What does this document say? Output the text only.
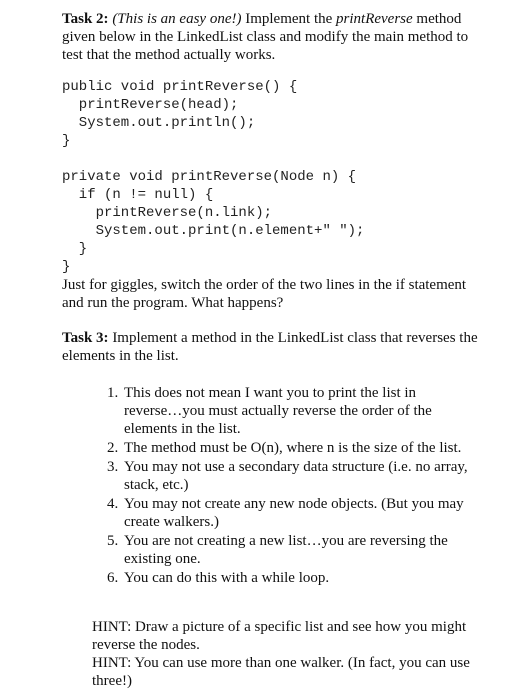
Task 2: (This is an easy one!) Implement the printReverse method given below in the LinkedList class and modify the main method to test that the method actually works.
public void printReverse() {
printReverse(head);
System.out.println();
}
private void printReverse(Node n) {
if (n != null) {
printReverse(n.link);
System.out.print(n.element+" ");
}
}
Just for giggles, switch the order of the two lines in the if statement and run the program. What happens?
Task 3: Implement a method in the LinkedList class that reverses the elements in the list.
1. This does not mean I want you to print the list in reverse…you must actually reverse the order of the elements in the list.
2. The method must be O(n), where n is the size of the list.
3. You may not use a secondary data structure (i.e. no array, stack, etc.)
4. You may not create any new node objects. (But you may create walkers.)
5. You are not creating a new list…you are reversing the existing one.
6. You can do this with a while loop.
HINT: Draw a picture of a specific list and see how you might reverse the nodes.
HINT: You can use more than one walker. (In fact, you can use three!)
